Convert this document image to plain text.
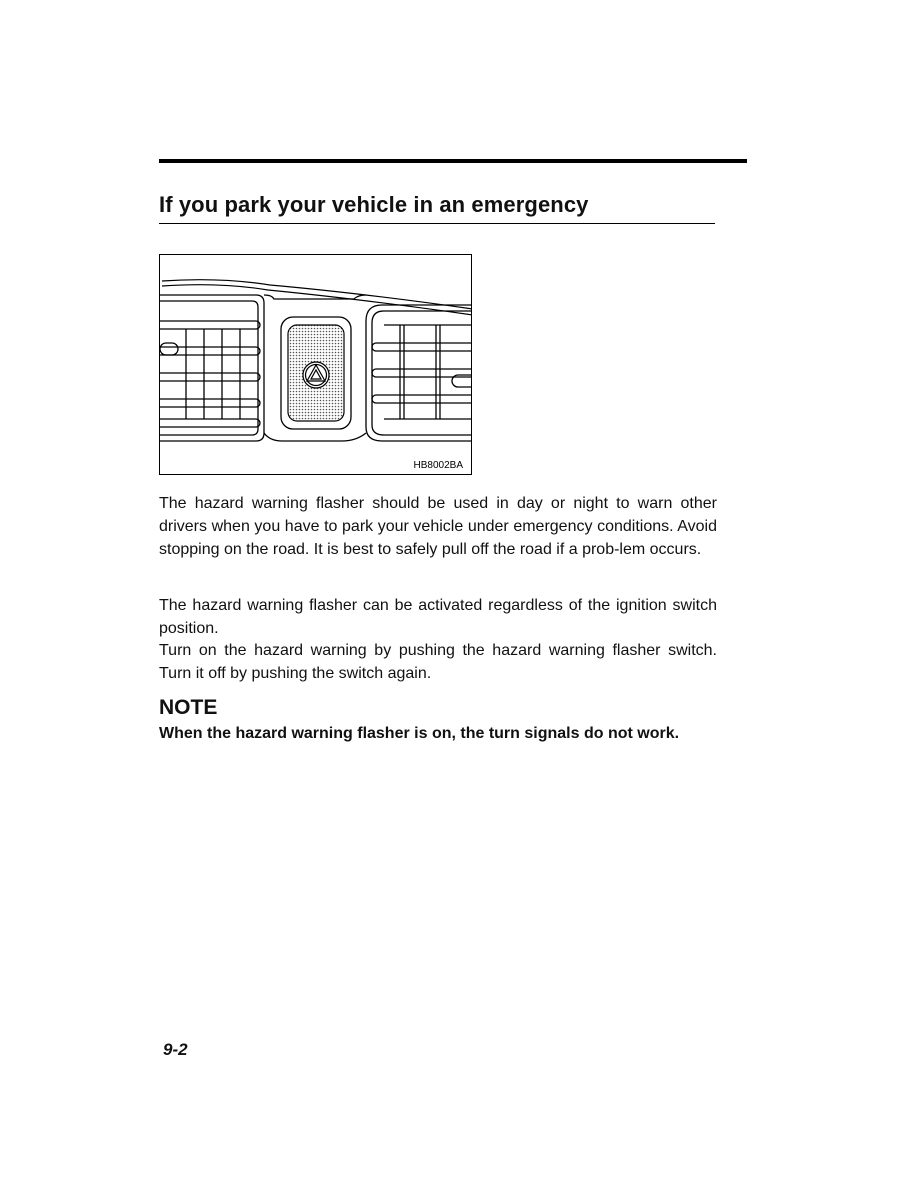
If you park your vehicle in an emergency
HB8002BA

The hazard warning flasher should be used in day or night to warn other drivers when you have to park your vehicle under emergency conditions. Avoid stopping on the road. It is best to safely pull off the road if a prob-lem occurs.

The hazard warning flasher can be activated regardless of the ignition switch position.

Turn on the hazard warning by pushing the hazard warning flasher switch. Turn it off by pushing the switch again.

NOTE

When the hazard warning flasher is on, the turn signals do not work.

9-2
